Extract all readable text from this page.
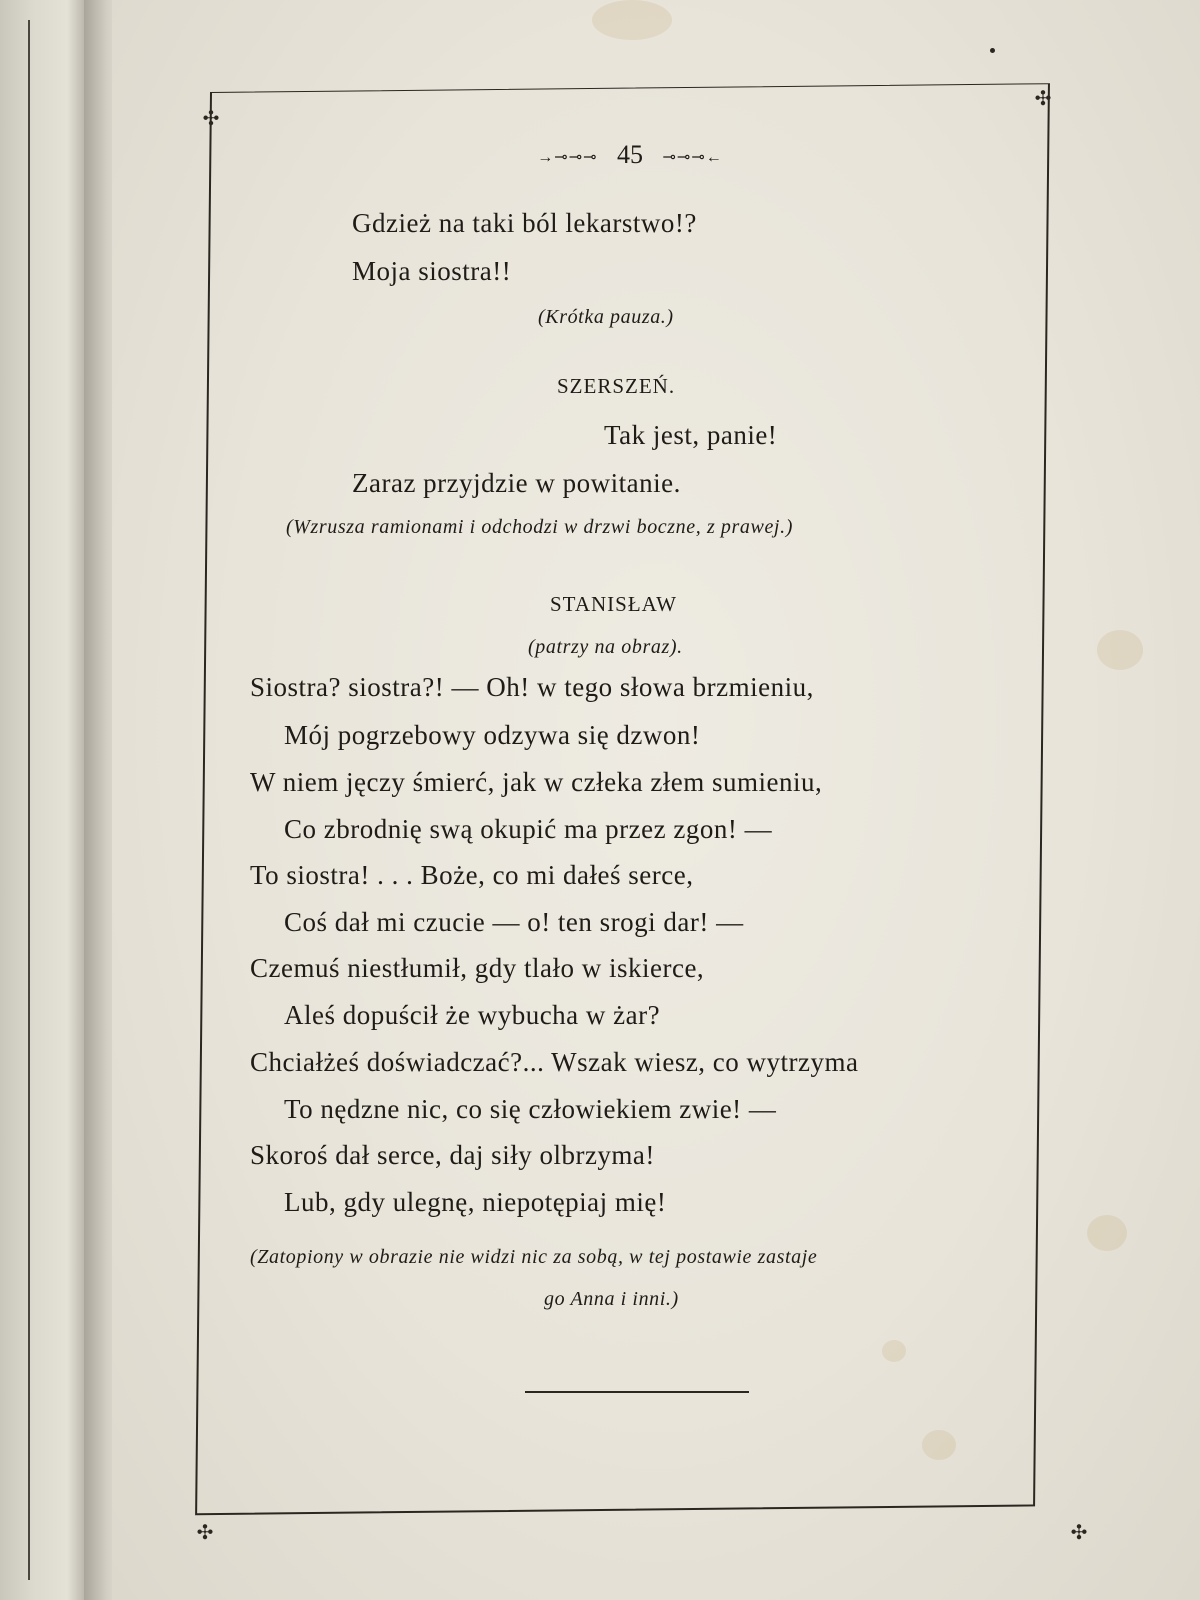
✣
✣
✣	✣
→⊸⊸⊸ 45 ⊸⊸⊸←
Gdzież na taki ból lekarstwo!?
Moja siostra!!
(Krótka pauza.)
SZERSZEŃ.
Tak jest, panie!
Zaraz przyjdzie w powitanie.
(Wzrusza ramionami i odchodzi w drzwi boczne, z prawej.)
STANISŁAW
(patrzy na obraz).
Siostra? siostra?! — Oh! w tego słowa brzmieniu,
Mój pogrzebowy odzywa się dzwon!
W niem jęczy śmierć, jak w człeka złem sumieniu,
Co zbrodnię swą okupić ma przez zgon! —
To siostra! . . . Boże, co mi dałeś serce,
Coś dał mi czucie — o! ten srogi dar! —
Czemuś niestłumił, gdy tlało w iskierce,
Aleś dopuścił że wybucha w żar?
Chciałżeś doświadczać?... Wszak wiesz, co wytrzyma
To nędzne nic, co się człowiekiem zwie! —
Skoroś dał serce, daj siły olbrzyma!
Lub, gdy ulegnę, niepotępiaj mię!
(Zatopiony w obrazie nie widzi nic za sobą, w tej postawie zastaje
go Anna i inni.)
